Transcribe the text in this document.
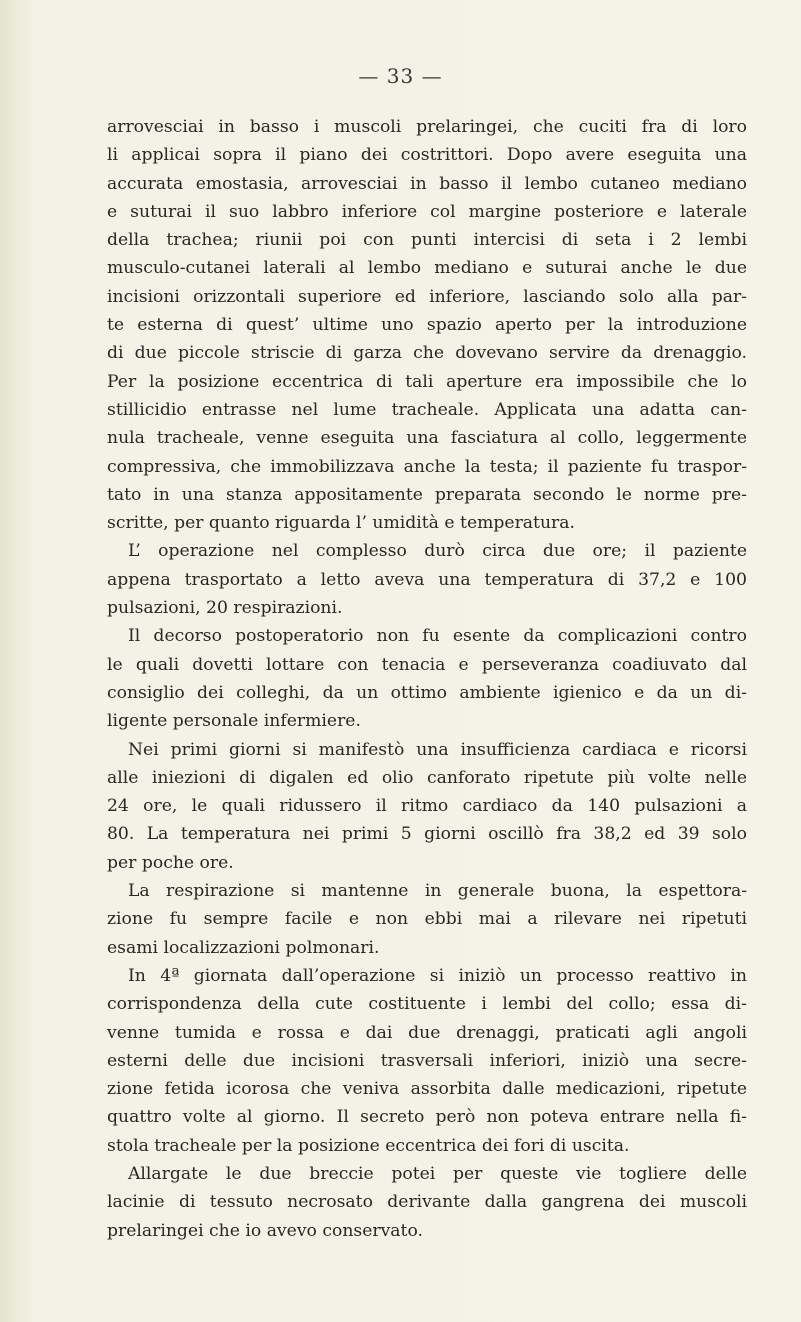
— 33 —
arrovesciai in basso i muscoli prelaringei, che cuciti fra di loro
li applicai sopra il piano dei costrittori. Dopo avere eseguita una
accurata emostasia, arrovesciai in basso il lembo cutaneo mediano
e suturai il suo labbro inferiore col margine posteriore e laterale
della trachea; riunii poi con punti intercisi di seta i 2 lembi
musculo-cutanei laterali al lembo mediano e suturai anche le due
incisioni orizzontali superiore ed inferiore, lasciando solo alla par-
te esterna di quest’ ultime uno spazio aperto per la introduzione
di due piccole striscie di garza che dovevano servire da drenaggio.
Per la posizione eccentrica di tali aperture era impossibile che lo
stillicidio entrasse nel lume tracheale. Applicata una adatta can-
nula tracheale, venne eseguita una fasciatura al collo, leggermente
compressiva, che immobilizzava anche la testa; il paziente fu traspor-
tato in una stanza appositamente preparata secondo le norme pre-
scritte, per quanto riguarda l’ umidità e temperatura.
L’ operazione nel complesso durò circa due ore; il paziente
appena trasportato a letto aveva una temperatura di 37,2 e 100
pulsazioni, 20 respirazioni.
Il decorso postoperatorio non fu esente da complicazioni contro
le quali dovetti lottare con tenacia e perseveranza coadiuvato dal
consiglio dei colleghi, da un ottimo ambiente igienico e da un di-
ligente personale infermiere.
Nei primi giorni si manifestò una insufficienza cardiaca e ricorsi
alle iniezioni di digalen ed olio canforato ripetute più volte nelle
24 ore, le quali ridussero il ritmo cardiaco da 140 pulsazioni a
80. La temperatura nei primi 5 giorni oscillò fra 38,2 ed 39 solo
per poche ore.
La respirazione si mantenne in generale buona, la espettora-
zione fu sempre facile e non ebbi mai a rilevare nei ripetuti
esami localizzazioni polmonari.
In 4ª giornata dall’operazione si iniziò un processo reattivo in
corrispondenza della cute costituente i lembi del collo; essa di-
venne tumida e rossa e dai due drenaggi, praticati agli angoli
esterni delle due incisioni trasversali inferiori, iniziò una secre-
zione fetida icorosa che veniva assorbita dalle medicazioni, ripetute
quattro volte al giorno. Il secreto però non poteva entrare nella fi-
stola tracheale per la posizione eccentrica dei fori di uscita.
Allargate le due breccie potei per queste vie togliere delle
lacinie di tessuto necrosato derivante dalla gangrena dei muscoli
prelaringei che io avevo conservato.
